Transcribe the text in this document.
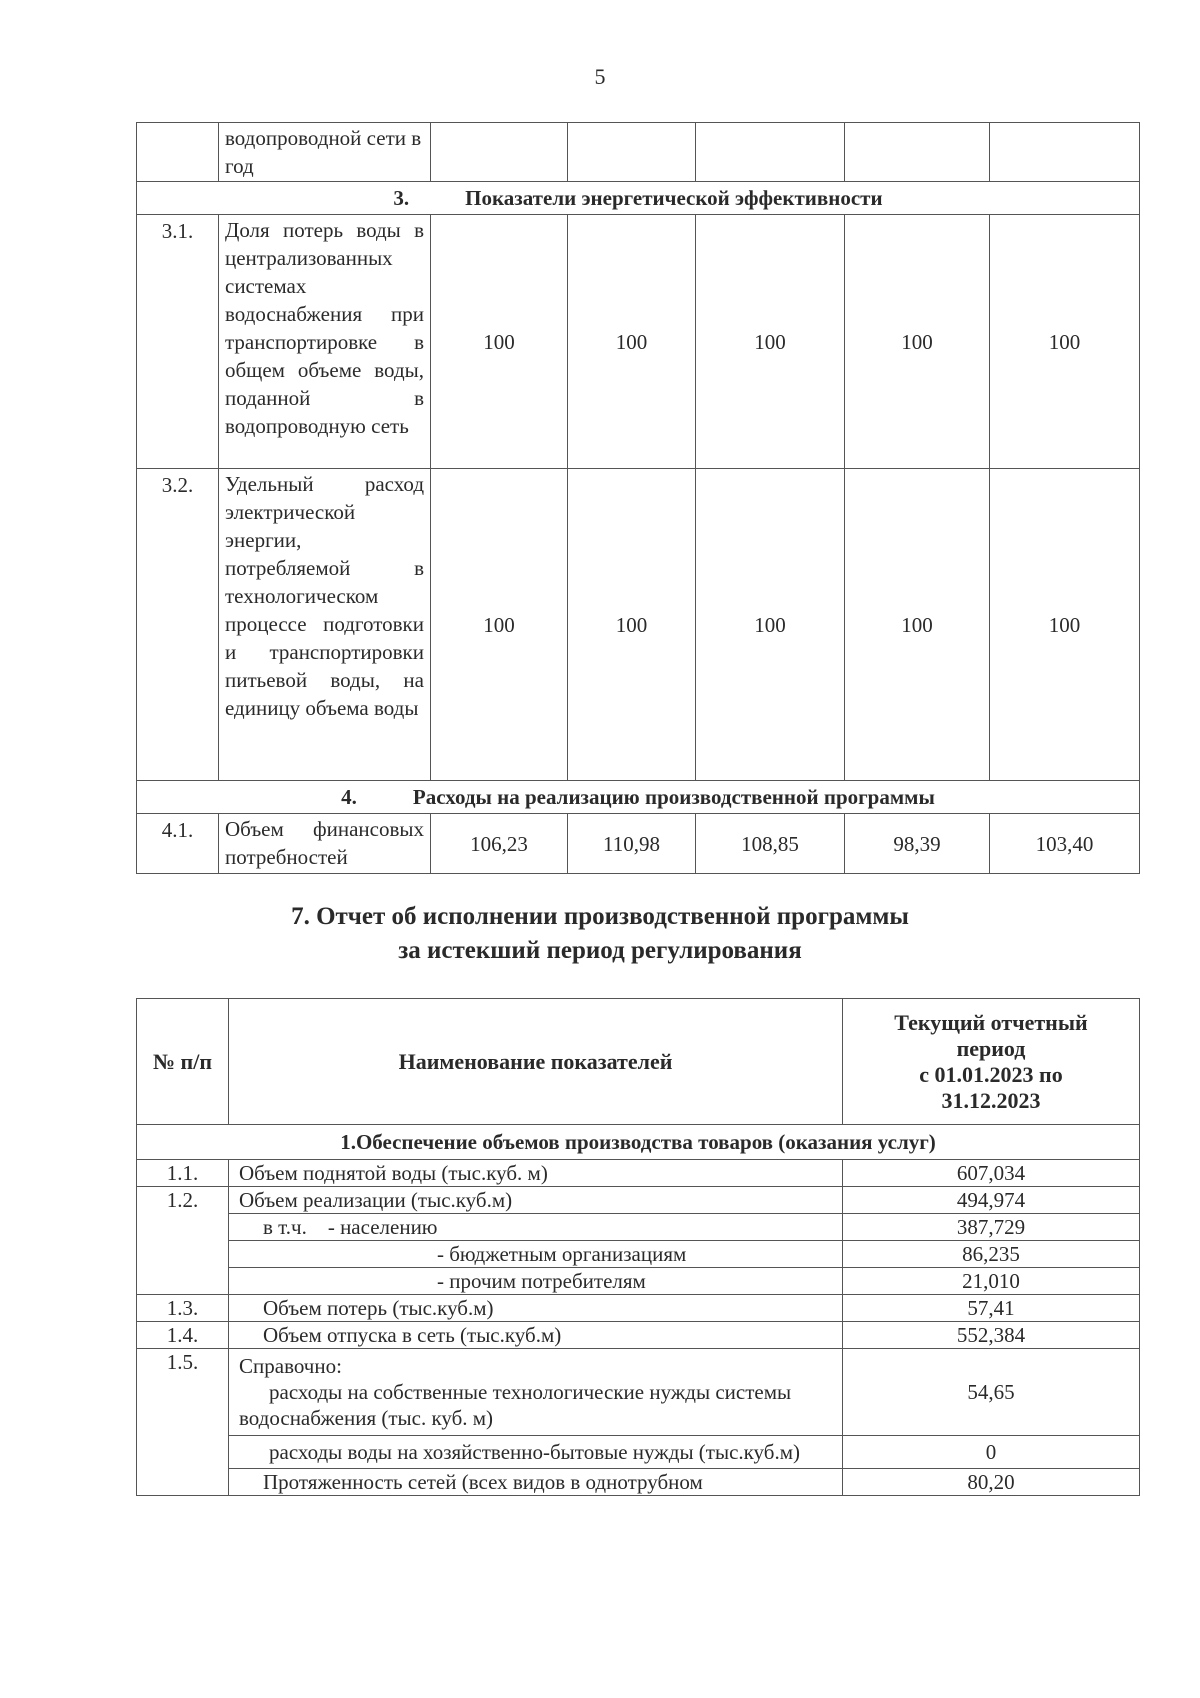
5
	водопроводной сети в год					
3. Показатели энергетической эффективности						
3.1.	Доля потерь воды в централизованных системах водоснабжения при транспортировке в общем объеме воды, поданной в водопроводную сеть	100	100	100	100	100
3.2.	Удельный расход электрической энергии, потребляемой в технологическом процессе подготовки и транспортировки питьевой воды, на единицу объема воды	100	100	100	100	100
4. Расходы на реализацию производственной программы						
4.1.	Объем финансовых потребностей	106,23	110,98	108,85	98,39	103,40
7. Отчет об исполнении производственной программы
за истекший период регулирования
№ п/п	Наименование показателей	Текущий отчетный период
с 01.01.2023 по
31.12.2023

1.Обеспечение объемов производства товаров (оказания услуг)		
1.1.	Объем поднятой воды (тыс.куб. м)	607,034
1.2.	Объем реализации (тыс.куб.м)	494,974
	в т.ч.    - населению	387,729
	- бюджетным организациям	86,235
	- прочим потребителям	21,010
1.3.	Объем потерь (тыс.куб.м)	57,41
1.4.	Объем отпуска в сеть (тыс.куб.м)	552,384
1.5.	Справочно:
расходы на собственные технологические нужды системы водоснабжения (тыс. куб. м)	54,65
	расходы воды на хозяйственно-бытовые нужды (тыс.куб.м)	0
	Протяженность сетей (всех видов в однотрубном	80,20
